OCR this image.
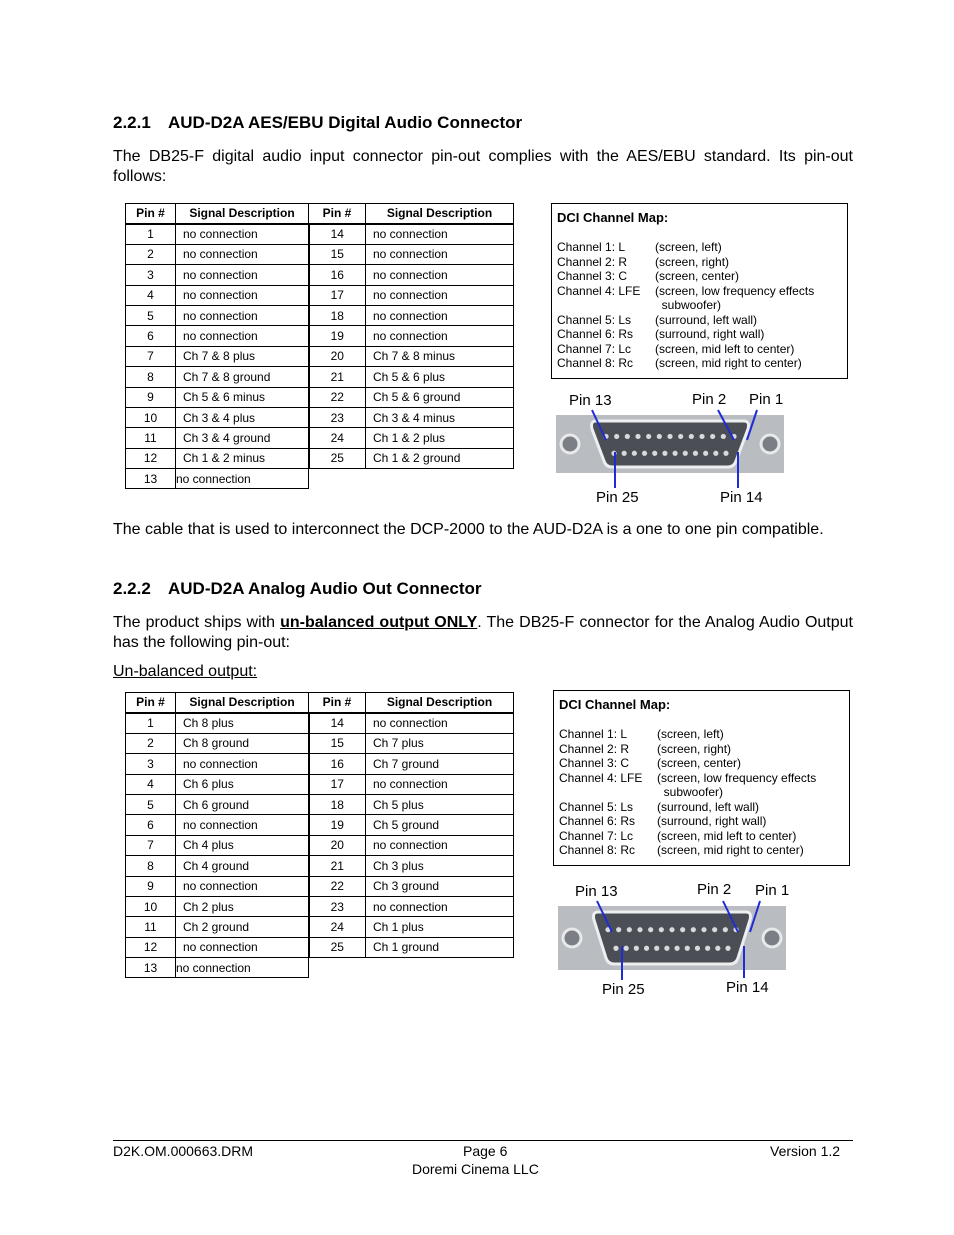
2.2.1 AUD-D2A AES/EBU Digital Audio Connector

The DB25-F digital audio input connector pin-out complies with the AES/EBU standard. Its pin-out follows:

Pin #	Signal Description	Pin #	Signal Description
1	no connection	14	no connection
2	no connection	15	no connection
3	no connection	16	no connection
4	no connection	17	no connection
5	no connection	18	no connection
6	no connection	19	no connection
7	Ch 7 & 8 plus	20	Ch 7 & 8 minus
8	Ch 7 & 8 ground	21	Ch 5 & 6 plus
9	Ch 5 & 6 minus	22	Ch 5 & 6 ground
10	Ch 3 & 4 plus	23	Ch 3 & 4 minus
11	Ch 3 & 4 ground	24	Ch 1 & 2 plus
12	Ch 1 & 2 minus	25	Ch 1 & 2 ground
13	no connection		
DCI Channel Map:
Channel 1: L	(screen, left)
Channel 2: R	(screen, right)
Channel 3: C	(screen, center)
Channel 4: LFE	(screen, low frequency effects
subwoofer)
Channel 5: Ls	(surround, left wall)
Channel 6: Rs	(surround, right wall)
Channel 7: Lc	(screen, mid left to center)
Channel 8: Rc	(screen, mid right to center)
Pin 13	Pin 2 Pin 1
Pin 25	Pin 14

The cable that is used to interconnect the DCP-2000 to the AUD-D2A is a one to one pin compatible.

2.2.2 AUD-D2A Analog Audio Out Connector

The product ships with un-balanced output ONLY. The DB25-F connector for the Analog Audio Output has the following pin-out:

Un-balanced output:

Pin #	Signal Description	Pin #	Signal Description
1	Ch 8 plus	14	no connection
2	Ch 8 ground	15	Ch 7 plus
3	no connection	16	Ch 7 ground
4	Ch 6 plus	17	no connection
5	Ch 6 ground	18	Ch 5 plus
6	no connection	19	Ch 5 ground
7	Ch 4 plus	20	no connection
8	Ch 4 ground	21	Ch 3 plus
9	no connection	22	Ch 3 ground
10	Ch 2 plus	23	no connection
11	Ch 2 ground	24	Ch 1 plus
12	no connection	25	Ch 1 ground
13	no connection		
DCI Channel Map:
Channel 1: L	(screen, left)
Channel 2: R	(screen, right)
Channel 3: C	(screen, center)
Channel 4: LFE	(screen, low frequency effects
subwoofer)
Channel 5: Ls	(surround, left wall)
Channel 6: Rs	(surround, right wall)
Channel 7: Lc	(screen, mid left to center)
Channel 8: Rc	(screen, mid right to center)
Pin 13	Pin 2 Pin 1
Pin 25	Pin 14
D2K.OM.000663.DRM	Page 6
Doremi Cinema LLC
Version 1.2
